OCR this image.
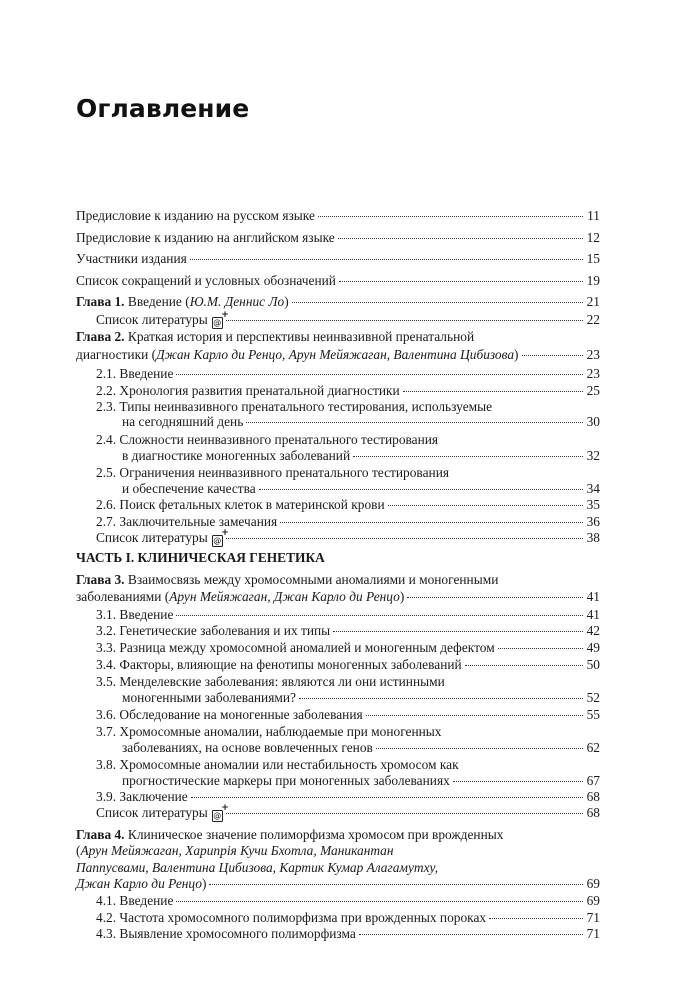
Оглавление
Предисловие к изданию на русском языке	11
Предисловие к изданию на английском языке	12
Участники издания	15
Список сокращений и условных обозначений	19
Глава 1. Введение (Ю.М. Деннис Ло)	21
Список литературы @ +	22
Глава 2. Краткая история и перспективы неинвазивной пренатальной
диагностики (Джан Карло ди Ренцо, Арун Мейяжаган, Валентина Цибизова)	23
2.1. Введение	23
2.2. Хронология развития пренатальной диагностики	25
2.3. Типы неинвазивного пренатального тестирования, используемые
на сегодняшний день	30
2.4. Сложности неинвазивного пренатального тестирования
в диагностике моногенных заболеваний	32
2.5. Ограничения неинвазивного пренатального тестирования
и обеспечение качества	34
2.6. Поиск фетальных клеток в материнской крови	35
2.7. Заключительные замечания	36
Список литературы @ +	38
ЧАСТЬ I. КЛИНИЧЕСКАЯ ГЕНЕТИКА
Глава 3. Взаимосвязь между хромосомными аномалиями и моногенными
заболеваниями (Арун Мейяжаган, Джан Карло ди Ренцо)	41
3.1. Введение	41
3.2. Генетические заболевания и их типы	42
3.3. Разница между хромосомной аномалией и моногенным дефектом	49
3.4. Факторы, влияющие на фенотипы моногенных заболеваний	50
3.5. Менделевские заболевания: являются ли они истинными
моногенными заболеваниями?	52
3.6. Обследование на моногенные заболевания	55
3.7. Хромосомные аномалии, наблюдаемые при моногенных
заболеваниях, на основе вовлеченных генов	62
3.8. Хромосомные аномалии или нестабильность хромосом как
прогностические маркеры при моногенных заболеваниях	67
3.9. Заключение	68
Список литературы @ +	68
Глава 4. Клиническое значение полиморфизма хромосом при врожденных
(Арун Мейяжаган, Харипрія Кучи Бхотла, Маникантан
Паппусвами, Валентина Цибизова, Картик Кумар Алагамутху,
Джан Карло ди Ренцо)	69
4.1. Введение	69
4.2. Частота хромосомного полиморфизма при врожденных пороках	71
4.3. Выявление хромосомного полиморфизма	71
